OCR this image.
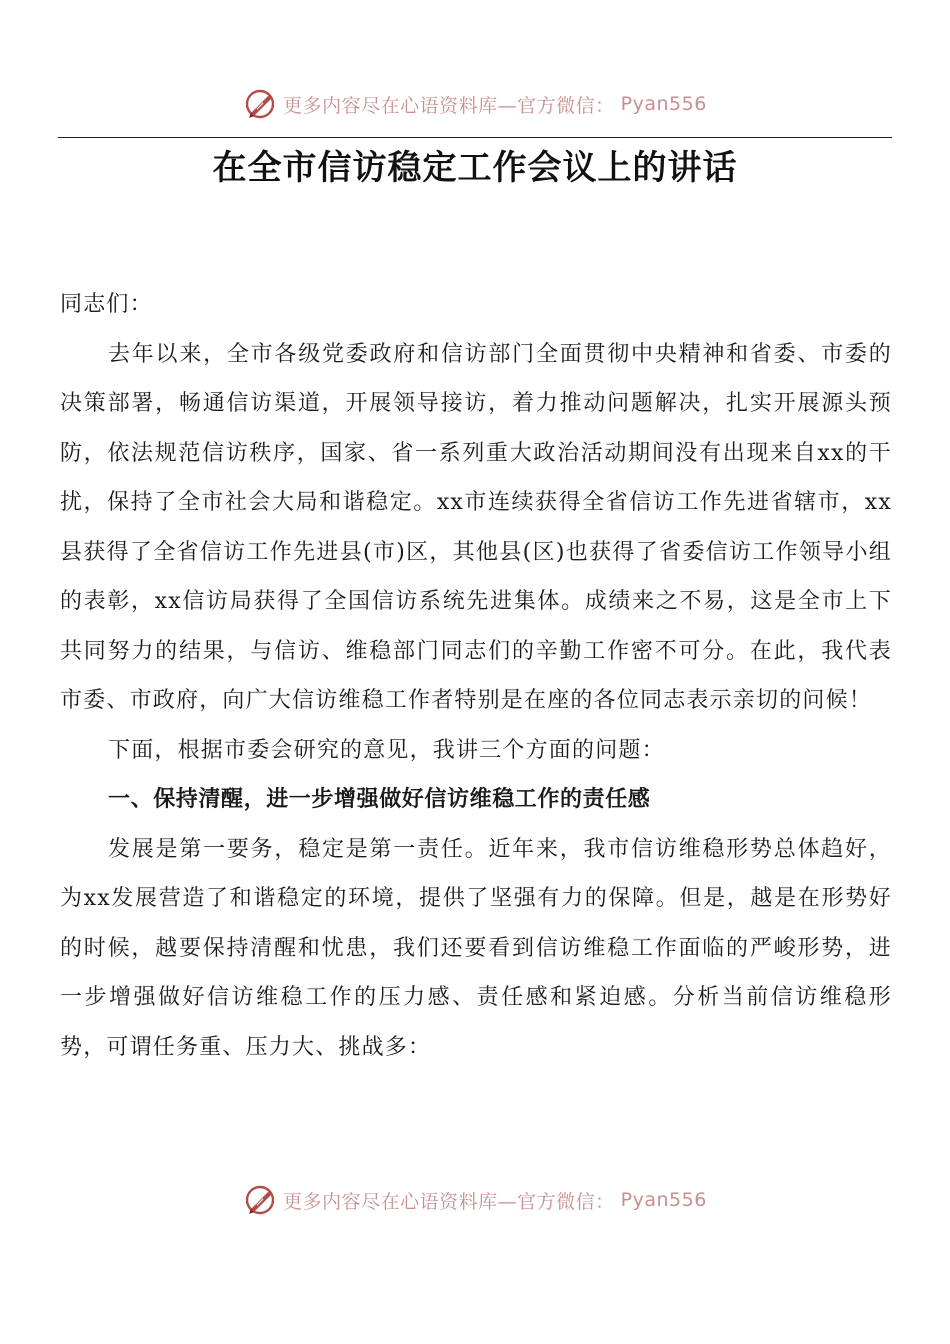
更多内容尽在心语资料库—官方微信： Pyan556
在全市信访稳定工作会议上的讲话

同志们：

去年以来，全市各级党委政府和信访部门全面贯彻中央精神和省委、市委的决策部署，畅通信访渠道，开展领导接访，着力推动问题解决，扎实开展源头预防，依法规范信访秩序，国家、省一系列重大政治活动期间没有出现来自xx的干扰，保持了全市社会大局和谐稳定。xx市连续获得全省信访工作先进省辖市，xx县获得了全省信访工作先进县(市)区，其他县(区)也获得了省委信访工作领导小组的表彰，xx信访局获得了全国信访系统先进集体。成绩来之不易，这是全市上下共同努力的结果，与信访、维稳部门同志们的辛勤工作密不可分。在此，我代表市委、市政府，向广大信访维稳工作者特别是在座的各位同志表示亲切的问候！

下面，根据市委会研究的意见，我讲三个方面的问题：

一、保持清醒，进一步增强做好信访维稳工作的责任感

发展是第一要务，稳定是第一责任。近年来，我市信访维稳形势总体趋好，为xx发展营造了和谐稳定的环境，提供了坚强有力的保障。但是，越是在形势好的时候，越要保持清醒和忧患，我们还要看到信访维稳工作面临的严峻形势，进一步增强做好信访维稳工作的压力感、责任感和紧迫感。分析当前信访维稳形势，可谓任务重、压力大、挑战多：

更多内容尽在心语资料库—官方微信： Pyan556
